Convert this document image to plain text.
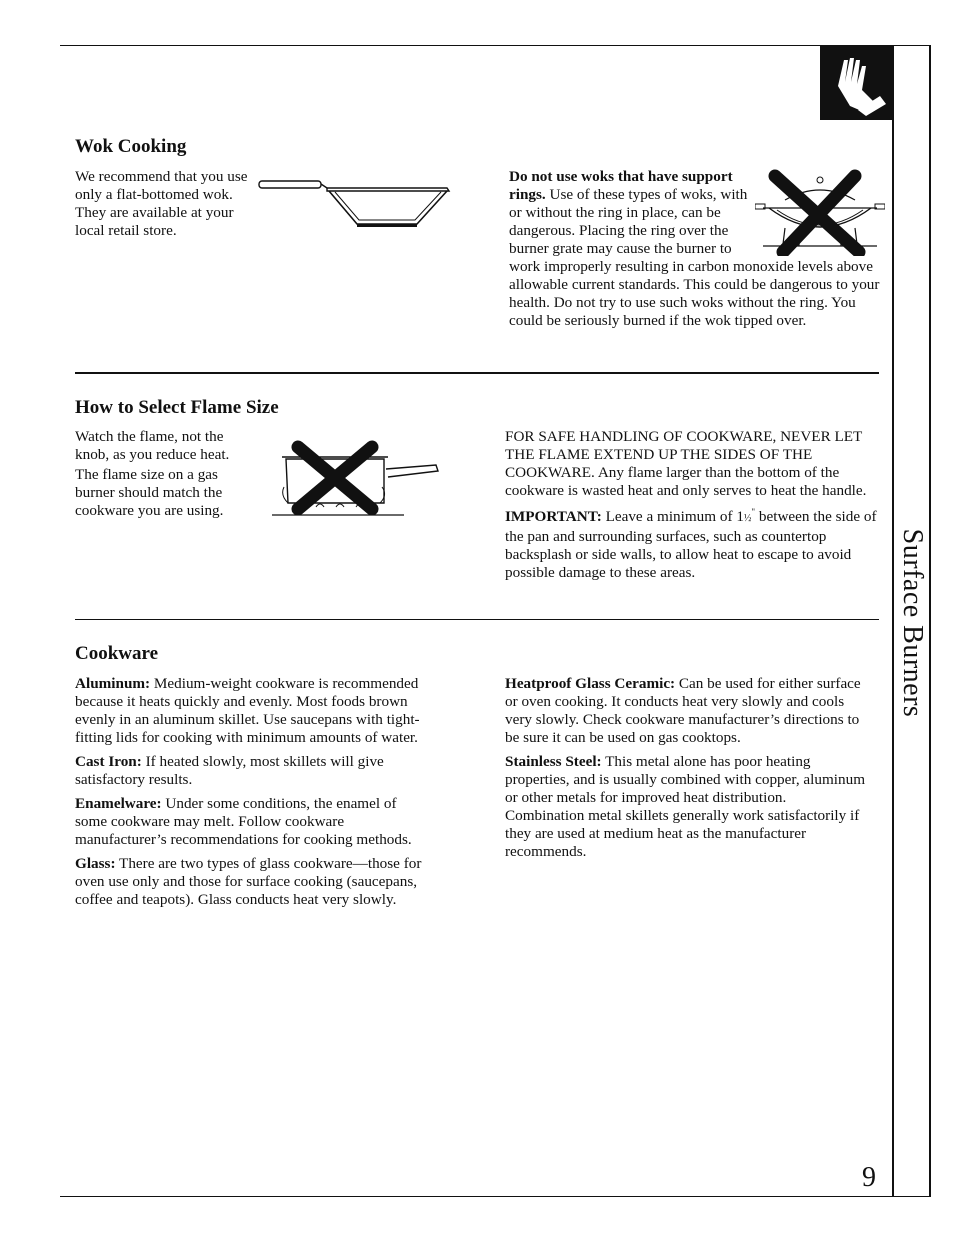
Surface Burners
Wok Cooking

We recommend that you use only a flat-bottomed wok. They are available at your local retail store.

Do not use woks that have support rings. Use of these types of woks, with or without the ring in place, can be dangerous. Placing the ring over the burner grate may cause the burner to work improperly resulting in carbon monoxide levels above allowable current standards. This could be dangerous to your health. Do not try to use such woks without the ring. You could be seriously burned if the wok tipped over.

How to Select Flame Size

Watch the flame, not the knob, as you reduce heat.

The flame size on a gas burner should match the cookware you are using.

FOR SAFE HANDLING OF COOKWARE, NEVER LET THE FLAME EXTEND UP THE SIDES OF THE COOKWARE. Any flame larger than the bottom of the cookware is wasted heat and only serves to heat the handle.

IMPORTANT: Leave a minimum of 1½" between the side of the pan and surrounding surfaces, such as countertop backsplash or side walls, to allow heat to escape to avoid possible damage to these areas.

Cookware

Aluminum: Medium-weight cookware is recommended because it heats quickly and evenly. Most foods brown evenly in an aluminum skillet. Use saucepans with tight-fitting lids for cooking with minimum amounts of water.

Cast Iron: If heated slowly, most skillets will give satisfactory results.

Enamelware: Under some conditions, the enamel of some cookware may melt. Follow cookware manufacturer’s recommendations for cooking methods.

Glass: There are two types of glass cookware—those for oven use only and those for surface cooking (saucepans, coffee and teapots). Glass conducts heat very slowly.

Heatproof Glass Ceramic: Can be used for either surface or oven cooking. It conducts heat very slowly and cools very slowly. Check cookware manufacturer’s directions to be sure it can be used on gas cooktops.

Stainless Steel: This metal alone has poor heating properties, and is usually combined with copper, aluminum or other metals for improved heat distribution. Combination metal skillets generally work satisfactorily if they are used at medium heat as the manufacturer recommends.

9
